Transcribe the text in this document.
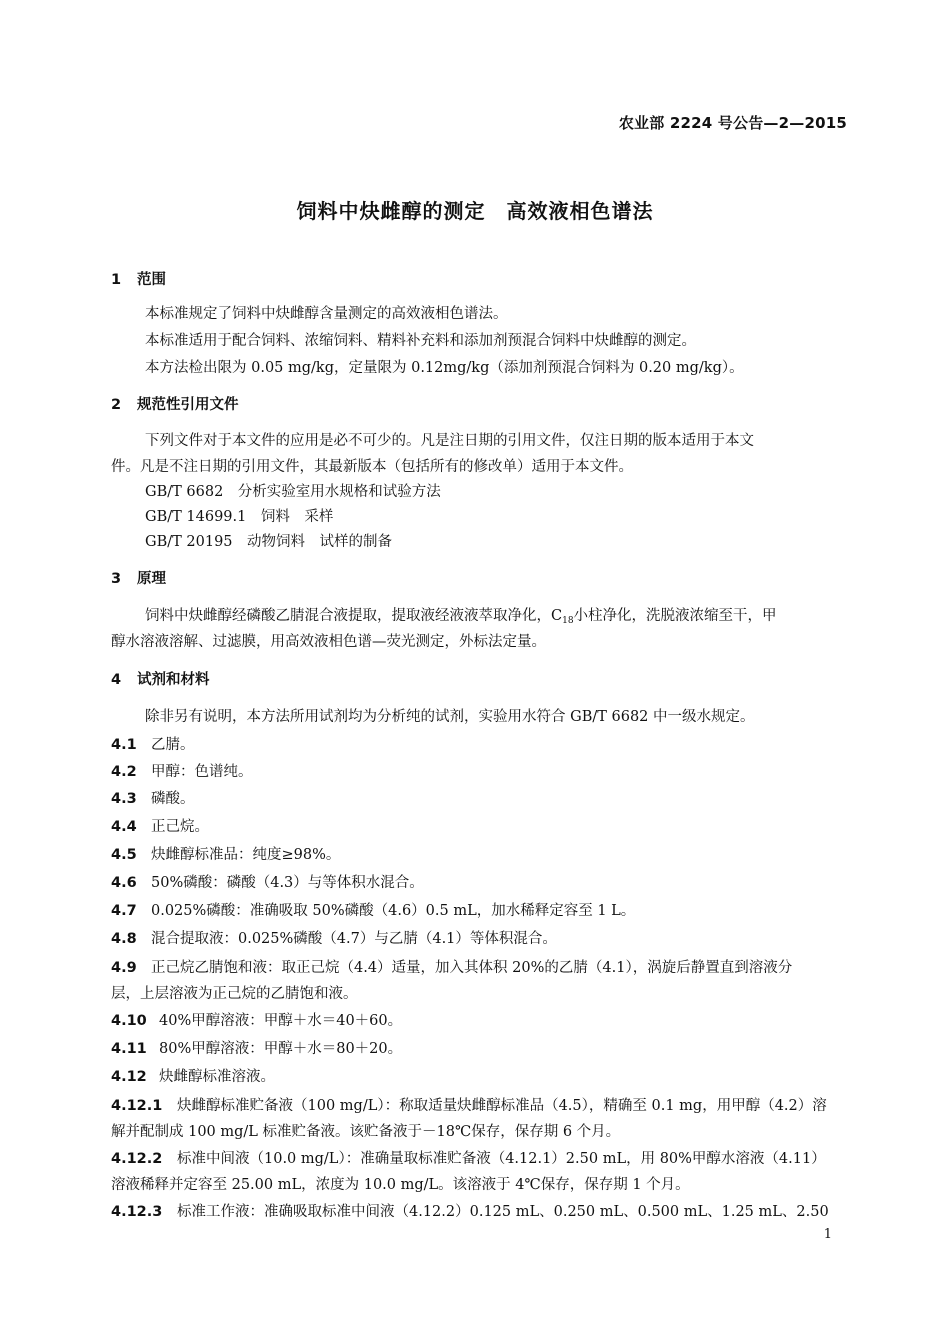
农业部 2224 号公告—2—2015
饲料中炔雌醇的测定　高效液相色谱法
1 范围
本标准规定了饲料中炔雌醇含量测定的高效液相色谱法。
本标准适用于配合饲料、浓缩饲料、精料补充料和添加剂预混合饲料中炔雌醇的测定。
本方法检出限为 0.05 mg/kg，定量限为 0.12mg/kg（添加剂预混合饲料为 0.20 mg/kg）。
2 规范性引用文件
下列文件对于本文件的应用是必不可少的。凡是注日期的引用文件，仅注日期的版本适用于本文
件。凡是不注日期的引用文件，其最新版本（包括所有的修改单）适用于本文件。
GB/T 6682　分析实验室用水规格和试验方法
GB/T 14699.1　饲料　采样
GB/T 20195　动物饲料　试样的制备
3 原理
饲料中炔雌醇经磷酸乙腈混合液提取，提取液经液液萃取净化，$C_{18}$小柱净化，洗脱液浓缩至干，甲
醇水溶液溶解、过滤膜，用高效液相色谱—荧光测定，外标法定量。
4 试剂和材料
除非另有说明，本方法所用试剂均为分析纯的试剂，实验用水符合 GB/T 6682 中一级水规定。
4.1 乙腈。
4.2 甲醇：色谱纯。
4.3 磷酸。
4.4 正己烷。
4.5 炔雌醇标准品：纯度≥98%。
4.6 50%磷酸：磷酸（4.3）与等体积水混合。
4.7 0.025%磷酸：准确吸取 50%磷酸（4.6）0.5 mL，加水稀释定容至 1 L。
4.8 混合提取液：0.025%磷酸（4.7）与乙腈（4.1）等体积混合。
4.9 正己烷乙腈饱和液：取正己烷（4.4）适量，加入其体积 20%的乙腈（4.1），涡旋后静置直到溶液分
层，上层溶液为正己烷的乙腈饱和液。
4.10 40%甲醇溶液：甲醇＋水＝40＋60。
4.11 80%甲醇溶液：甲醇＋水＝80＋20。
4.12 炔雌醇标准溶液。
4.12.1 炔雌醇标准贮备液（100 mg/L）：称取适量炔雌醇标准品（4.5），精确至 0.1 mg，用甲醇（4.2）溶
解并配制成 100 mg/L 标准贮备液。该贮备液于－18℃保存，保存期 6 个月。
4.12.2 标准中间液（10.0 mg/L）：准确量取标准贮备液（4.12.1）2.50 mL，用 80%甲醇水溶液（4.11）
溶液稀释并定容至 25.00 mL，浓度为 10.0 mg/L。该溶液于 4℃保存，保存期 1 个月。
4.12.3 标准工作液：准确吸取标准中间液（4.12.2）0.125 mL、0.250 mL、0.500 mL、1.25 mL、2.50
1
